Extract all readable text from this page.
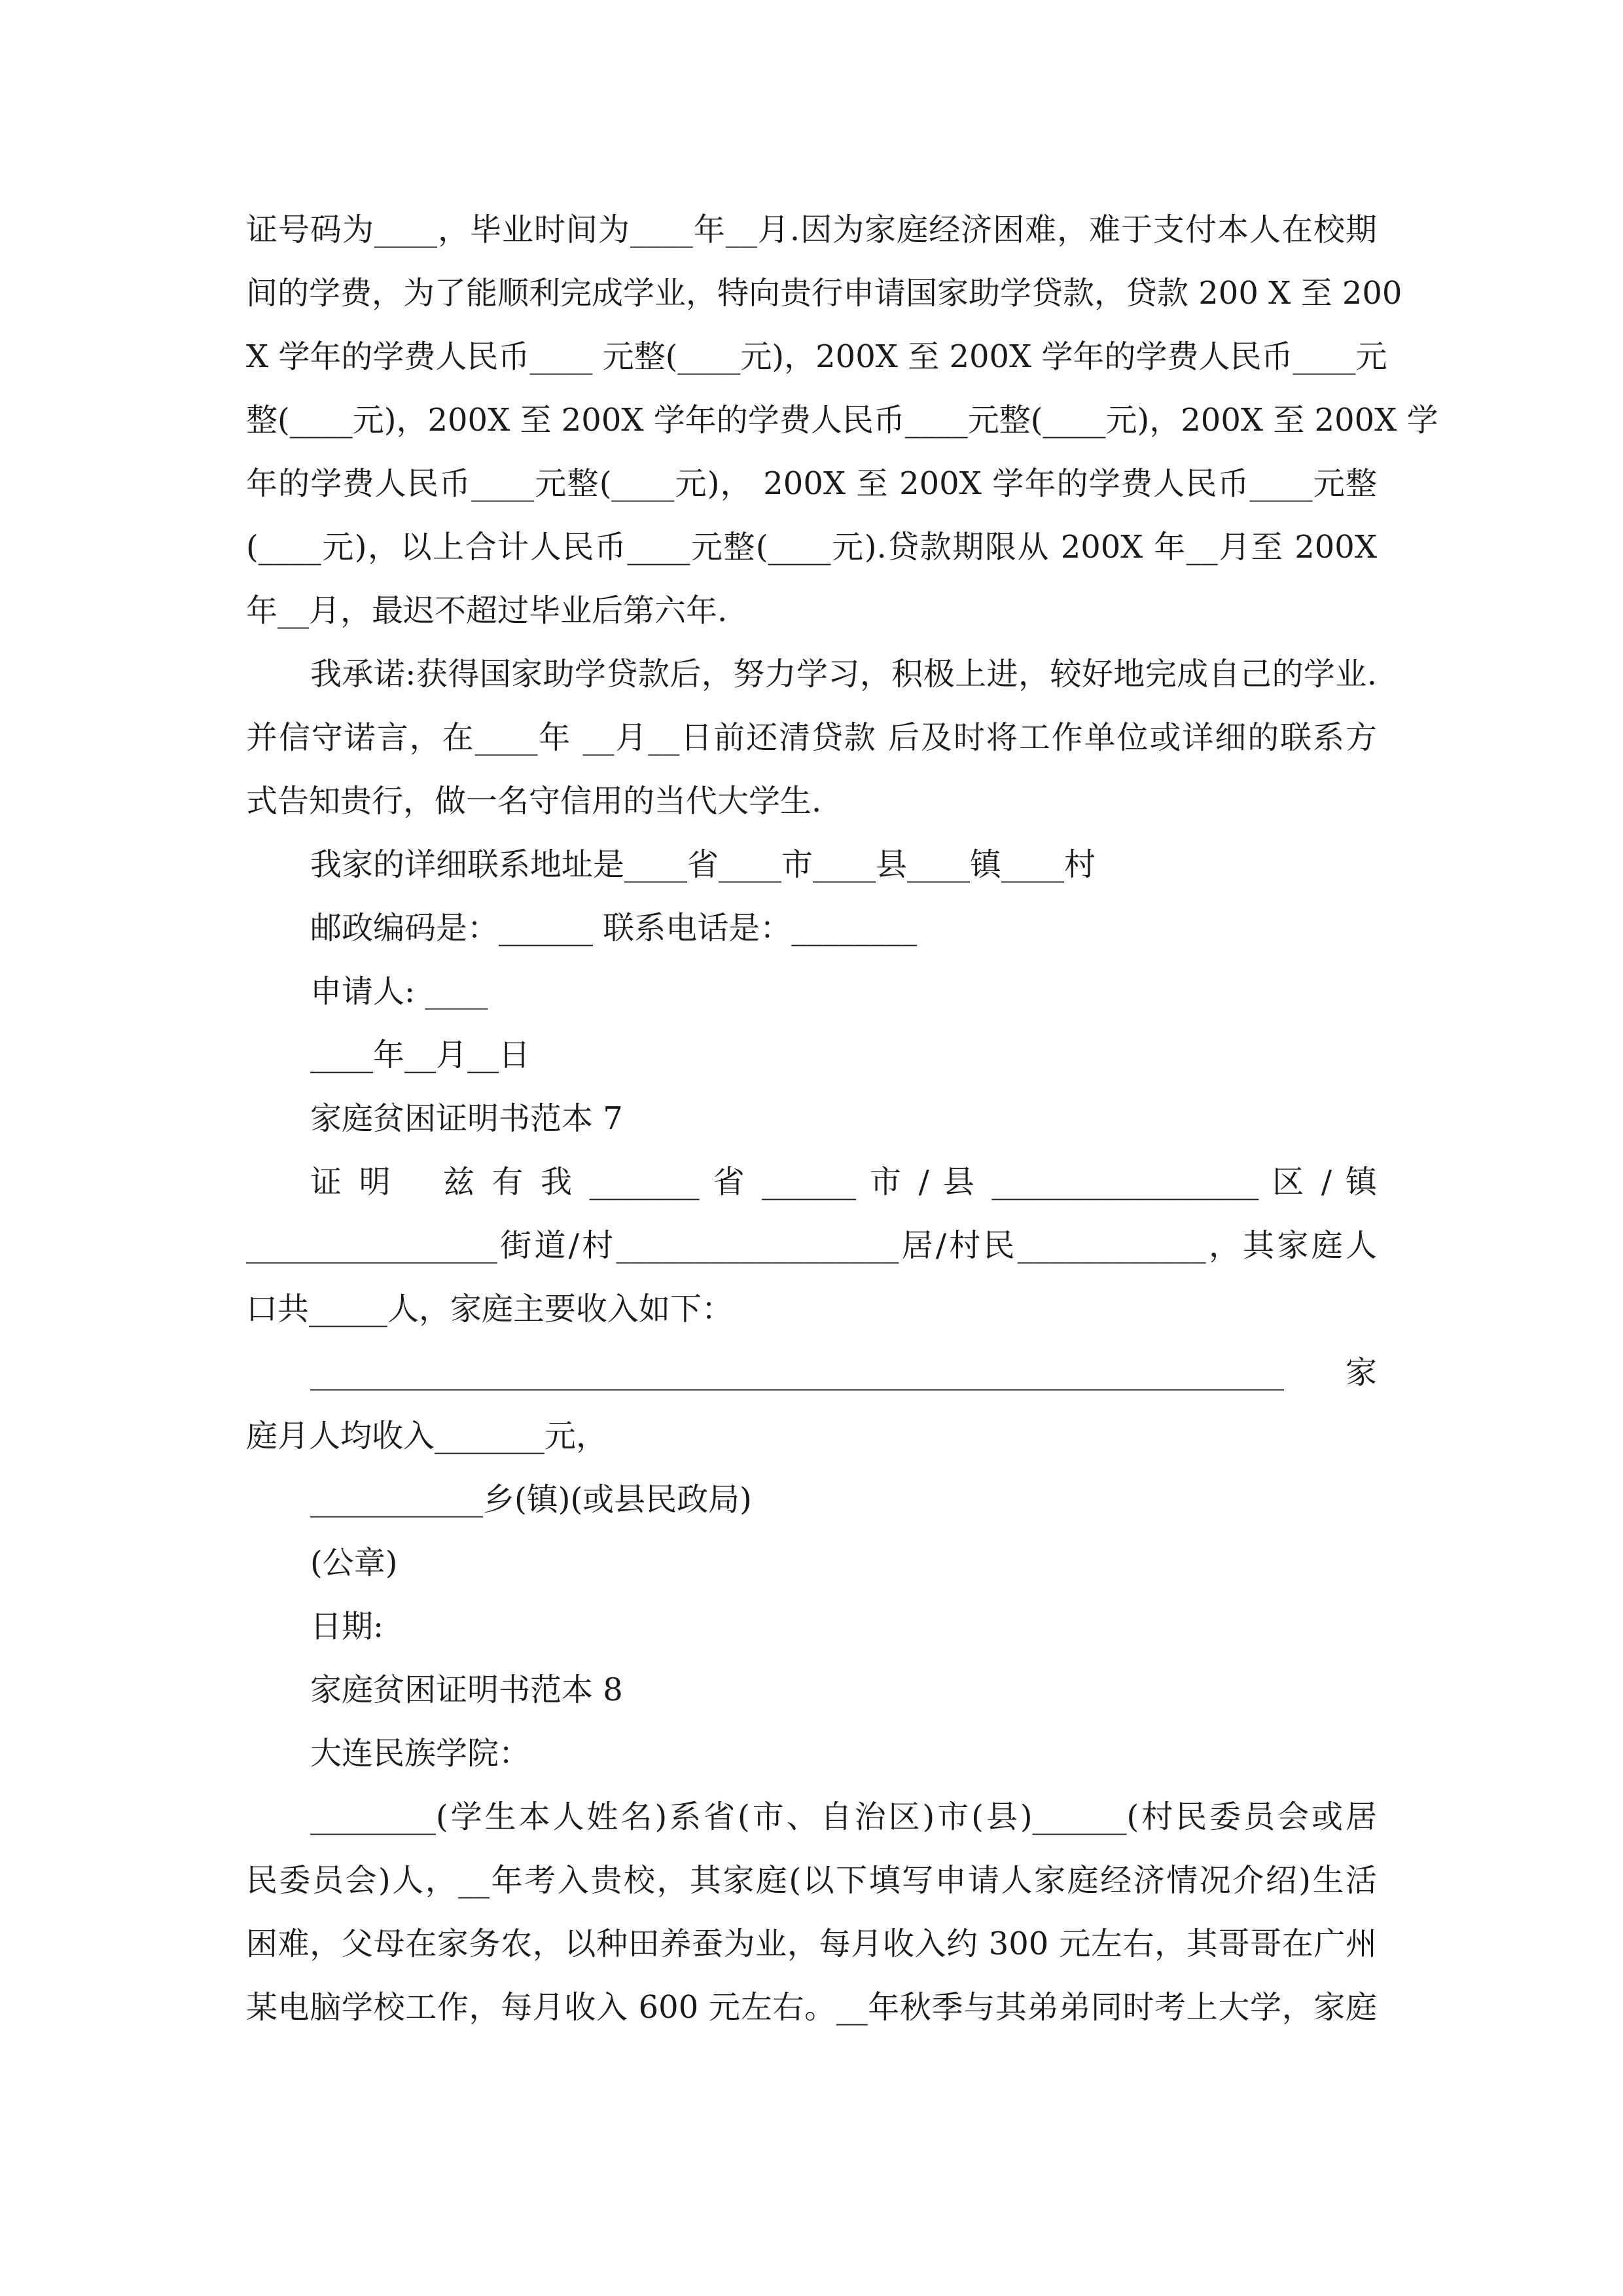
证号码为____，毕业时间为____年__月.因为家庭经济困难，难于支付本人在校期
间的学费，为了能顺利完成学业，特向贵行申请国家助学贷款，贷款 200 X 至 200
X 学年的学费人民币____ 元整(____元)，200X 至 200X 学年的学费人民币____元
整(____元)，200X 至 200X 学年的学费人民币____元整(____元)，200X 至 200X 学
年的学费人民币____元整(____元)， 200X 至 200X 学年的学费人民币____元整
(____元)，以上合计人民币____元整(____元).贷款期限从 200X 年__月至 200X
年__月，最迟不超过毕业后第六年.
我承诺:获得国家助学贷款后，努力学习，积极上进，较好地完成自己的学业.
并信守诺言，在____年 __月__日前还清贷款 后及时将工作单位或详细的联系方
式告知贵行，做一名守信用的当代大学生.
我家的详细联系地址是____省____市____县____镇____村
邮政编码是：______ 联系电话是：________
申请人: ____
____年__月__日
家庭贫困证明书范本 7
证 明　 兹 有 我 _______ 省 ______ 市 / 县 _________________ 区 / 镇
________________街道/村__________________居/村民____________，其家庭人
口共_____人，家庭主要收入如下：
______________________________________________________________家
庭月人均收入_______元，
___________乡(镇)(或县民政局)
(公章)
日期:
家庭贫困证明书范本 8
大连民族学院：
________(学生本人姓名)系省(市、自治区)市(县)______(村民委员会或居
民委员会)人，__年考入贵校，其家庭(以下填写申请人家庭经济情况介绍)生活
困难，父母在家务农，以种田养蚕为业，每月收入约 300 元左右，其哥哥在广州
某电脑学校工作，每月收入 600 元左右。__年秋季与其弟弟同时考上大学，家庭
